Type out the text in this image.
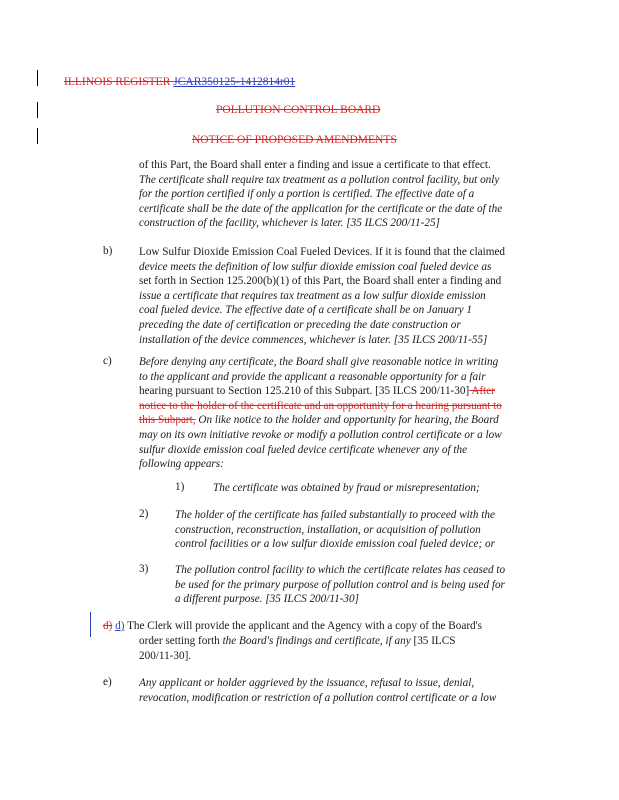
ILLINOIS REGISTER JCAR350125-1412814r01
POLLUTION CONTROL BOARD
NOTICE OF PROPOSED AMENDMENTS
of this Part, the Board shall enter a finding and issue a certificate to that effect.
The certificate shall require tax treatment as a pollution control facility, but only
for the portion certified if only a portion is certified. The effective date of a
certificate shall be the date of the application for the certificate or the date of the
construction of the facility, whichever is later. [35 ILCS 200/11-25]
b) Low Sulfur Dioxide Emission Coal Fueled Devices. If it is found that the claimed
device meets the definition of low sulfur dioxide emission coal fueled device as
set forth in Section 125.200(b)(1) of this Part, the Board shall enter a finding and
issue a certificate that requires tax treatment as a low sulfur dioxide emission
coal fueled device. The effective date of a certificate shall be on January 1
preceding the date of certification or preceding the date construction or
installation of the device commences, whichever is later. [35 ILCS 200/11-55]
c) Before denying any certificate, the Board shall give reasonable notice in writing
to the applicant and provide the applicant a reasonable opportunity for a fair
hearing pursuant to Section 125.210 of this Subpart. [35 ILCS 200/11-30] After
notice to the holder of the certificate and an opportunity for a hearing pursuant to
this Subpart, On like notice to the holder and opportunity for hearing, the Board
may on its own initiative revoke or modify a pollution control certificate or a low
sulfur dioxide emission coal fueled device certificate whenever any of the
following appears:
1)	The certificate was obtained by fraud or misrepresentation;
2) The holder of the certificate has failed substantially to proceed with the
construction, reconstruction, installation, or acquisition of pollution
control facilities or a low sulfur dioxide emission coal fueled device; or
3) The pollution control facility to which the certificate relates has ceased to
be used for the primary purpose of pollution control and is being used for
a different purpose. [35 ILCS 200/11-30]
d) d) The Clerk will provide the applicant and the Agency with a copy of the Board's
order setting forth the Board's findings and certificate, if any [35 ILCS
200/11-30].
e) Any applicant or holder aggrieved by the issuance, refusal to issue, denial,
revocation, modification or restriction of a pollution control certificate or a low
